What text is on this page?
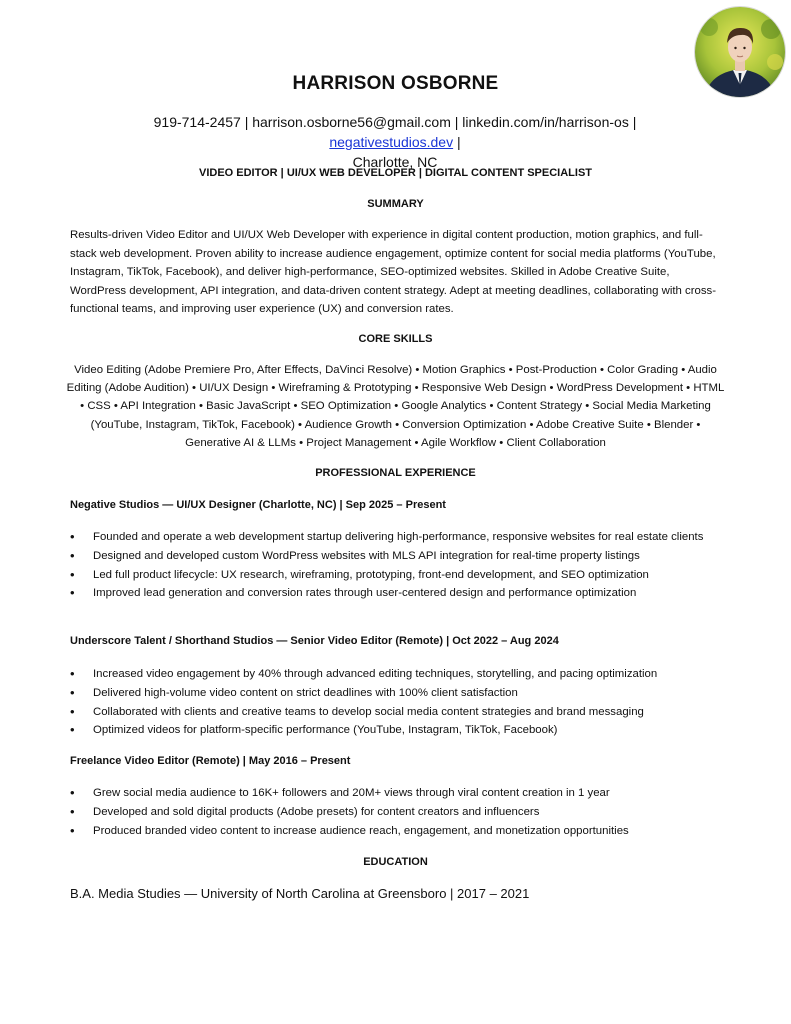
HARRISON OSBORNE
919-714-2457 | harrison.osborne56@gmail.com | linkedin.com/in/harrison-os | negativestudios.dev |
Charlotte, NC
VIDEO EDITOR | UI/UX WEB DEVELOPER | DIGITAL CONTENT SPECIALIST
SUMMARY
Results-driven Video Editor and UI/UX Web Developer with experience in digital content production, motion graphics, and full-stack web development. Proven ability to increase audience engagement, optimize content for social media platforms (YouTube, Instagram, TikTok, Facebook), and deliver high-performance, SEO-optimized websites. Skilled in Adobe Creative Suite, WordPress development, API integration, and data-driven content strategy. Adept at meeting deadlines, collaborating with cross-functional teams, and improving user experience (UX) and conversion rates.
CORE SKILLS
Video Editing (Adobe Premiere Pro, After Effects, DaVinci Resolve) • Motion Graphics • Post-Production • Color Grading • Audio Editing (Adobe Audition) • UI/UX Design • Wireframing & Prototyping • Responsive Web Design • WordPress Development • HTML • CSS • API Integration • Basic JavaScript • SEO Optimization • Google Analytics • Content Strategy • Social Media Marketing (YouTube, Instagram, TikTok, Facebook) • Audience Growth • Conversion Optimization • Adobe Creative Suite • Blender • Generative AI & LLMs • Project Management • Agile Workflow • Client Collaboration
PROFESSIONAL EXPERIENCE
Negative Studios — UI/UX Designer (Charlotte, NC) | Sep 2025 – Present
• Founded and operate a web development startup delivering high-performance, responsive websites for real estate clients
• Designed and developed custom WordPress websites with MLS API integration for real-time property listings
• Led full product lifecycle: UX research, wireframing, prototyping, front-end development, and SEO optimization
• Improved lead generation and conversion rates through user-centered design and performance optimization
Underscore Talent / Shorthand Studios — Senior Video Editor (Remote) | Oct 2022 – Aug 2024
• Increased video engagement by 40% through advanced editing techniques, storytelling, and pacing optimization
• Delivered high-volume video content on strict deadlines with 100% client satisfaction
• Collaborated with clients and creative teams to develop social media content strategies and brand messaging
• Optimized videos for platform-specific performance (YouTube, Instagram, TikTok, Facebook)
Freelance Video Editor (Remote) | May 2016 – Present
• Grew social media audience to 16K+ followers and 20M+ views through viral content creation in 1 year
• Developed and sold digital products (Adobe presets) for content creators and influencers
• Produced branded video content to increase audience reach, engagement, and monetization opportunities
EDUCATION
B.A. Media Studies — University of North Carolina at Greensboro | 2017 – 2021
